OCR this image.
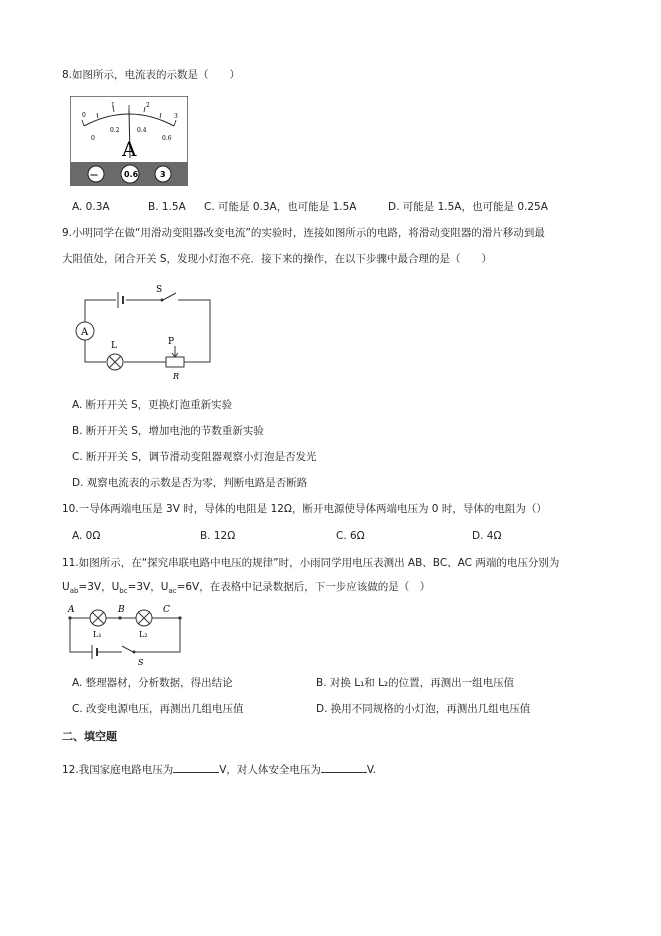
8.如图所示，电流表的示数是（　　）
0
1	2
3
0
0.2	0.4
0.6
A
—	0.6	3
A. 0.3A	B. 1.5A C. 可能是 0.3A，也可能是 1.5A	D. 可能是 1.5A，也可能是 0.25A
9.小明同学在做“用滑动变阻器改变电流”的实验时，连接如图所示的电路，将滑动变阻器的滑片移动到最
大阻值处，闭合开关 S，发现小灯泡不亮．接下来的操作，在以下步骤中最合理的是（　　）
S
A
L	P
R
A. 断开开关 S，更换灯泡重新实验
B. 断开开关 S，增加电池的节数重新实验
C. 断开开关 S，调节滑动变阻器观察小灯泡是否发光
D. 观察电流表的示数是否为零，判断电路是否断路
10.一导体两端电压是 3V 时，导体的电阻是 12Ω，断开电源使导体两端电压为 0 时，导体的电阻为（）
A. 0Ω	B. 12Ω	C. 6Ω	D. 4Ω
11.如图所示，在“探究串联电路中电压的规律”时，小雨同学用电压表测出 AB、BC、AC 两端的电压分别为
$U_{ab}=3V$，$U_{bc}=3V$，$U_{ac}=6V$，在表格中记录数据后，下一步应该做的是（　）
A	B	C
L₁	L₂
S
A. 整理器材，分析数据，得出结论	B. 对换 L₁和 L₂的位置，再测出一组电压值
C. 改变电源电压，再测出几组电压值	D. 换用不同规格的小灯泡，再测出几组电压值
二、填空题
12.我国家庭电路电压为	V，对人体安全电压为	V.
